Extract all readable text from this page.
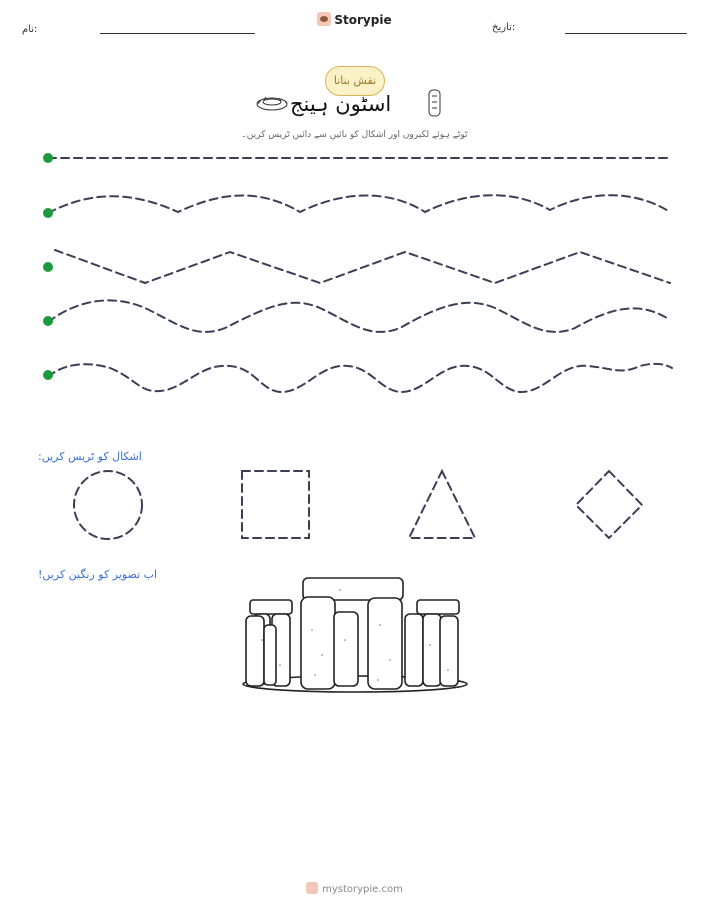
نام:	تاریخ:
Storypie
نقش بنانا
اسٹون ہینج
ٹوٹے ہوئے لکیروں اور اشکال کو بائیں سے دائیں ٹریس کریں۔
اشکال کو ٹریس کریں:
اب تصویر کو رنگین کریں!
mystorypie.com
